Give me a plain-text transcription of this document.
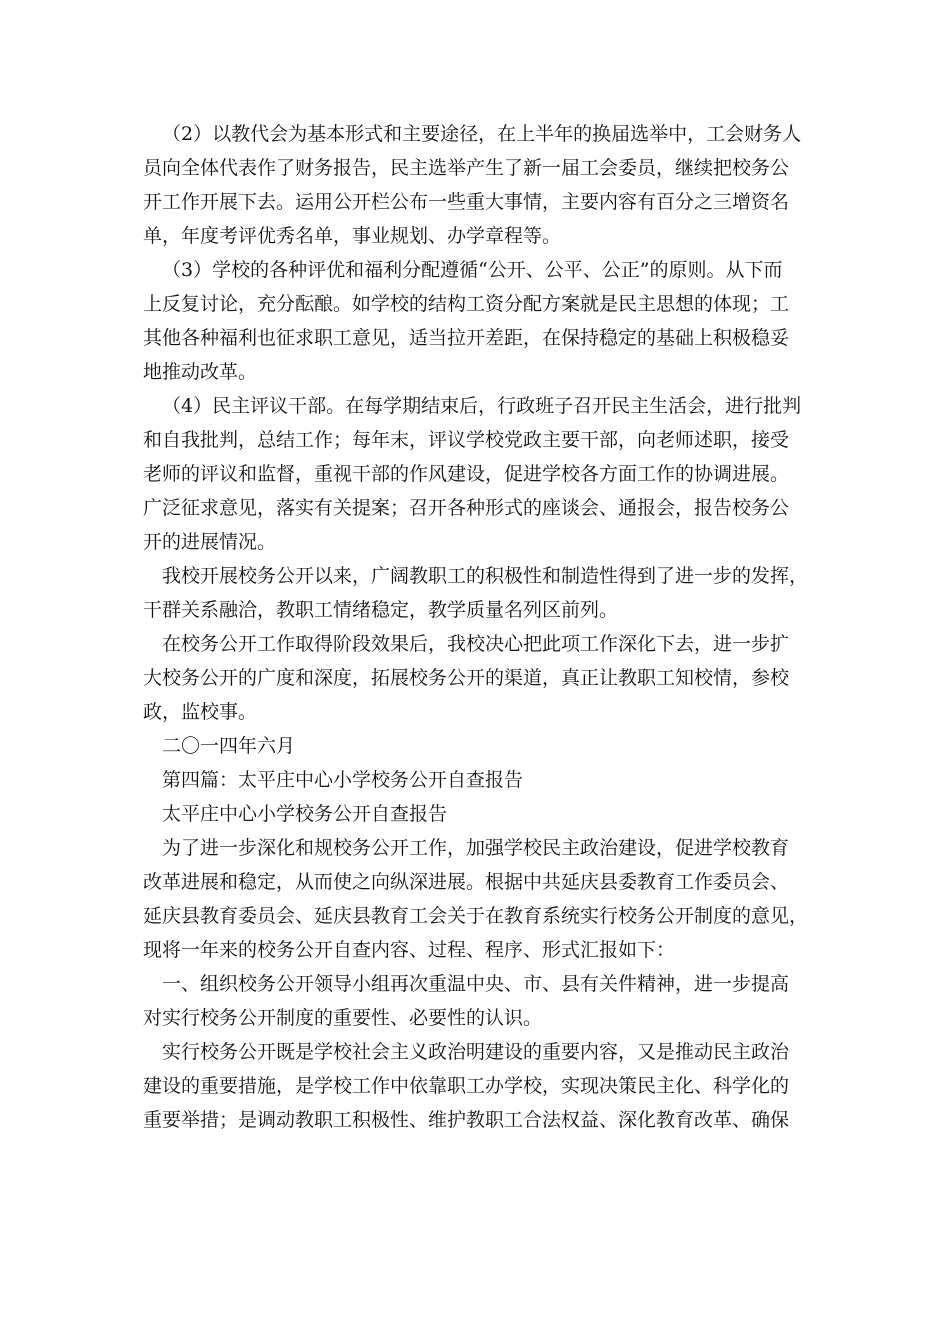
（2）以教代会为基本形式和主要途径，在上半年的换届选举中，工会财务人
员向全体代表作了财务报告，民主选举产生了新一届工会委员，继续把校务公
开工作开展下去。运用公开栏公布一些重大事情，主要内容有百分之三增资名
单，年度考评优秀名单，事业规划、办学章程等。
（3）学校的各种评优和福利分配遵循“公开、公平、公正”的原则。从下而
上反复讨论，充分酝酿。如学校的结构工资分配方案就是民主思想的体现；工
其他各种福利也征求职工意见，适当拉开差距，在保持稳定的基础上积极稳妥
地推动改革。
（4）民主评议干部。在每学期结束后，行政班子召开民主生活会，进行批判
和自我批判，总结工作；每年末，评议学校党政主要干部，向老师述职，接受
老师的评议和监督，重视干部的作风建设，促进学校各方面工作的协调进展。
广泛征求意见，落实有关提案；召开各种形式的座谈会、通报会，报告校务公
开的进展情况。
我校开展校务公开以来，广阔教职工的积极性和制造性得到了进一步的发挥，
干群关系融洽，教职工情绪稳定，教学质量名列区前列。
在校务公开工作取得阶段效果后，我校决心把此项工作深化下去，进一步扩
大校务公开的广度和深度，拓展校务公开的渠道，真正让教职工知校情，参校
政，监校事。
二〇一四年六月
第四篇：太平庄中心小学校务公开自查报告
太平庄中心小学校务公开自查报告
为了进一步深化和规校务公开工作，加强学校民主政治建设，促进学校教育
改革进展和稳定，从而使之向纵深进展。根据中共延庆县委教育工作委员会、
延庆县教育委员会、延庆县教育工会关于在教育系统实行校务公开制度的意见，
现将一年来的校务公开自查内容、过程、程序、形式汇报如下：
一、组织校务公开领导小组再次重温中央、市、县有关件精神，进一步提高
对实行校务公开制度的重要性、必要性的认识。
实行校务公开既是学校社会主义政治明建设的重要内容，又是推动民主政治
建设的重要措施，是学校工作中依靠职工办学校，实现决策民主化、科学化的
重要举措；是调动教职工积极性、维护教职工合法权益、深化教育改革、确保
